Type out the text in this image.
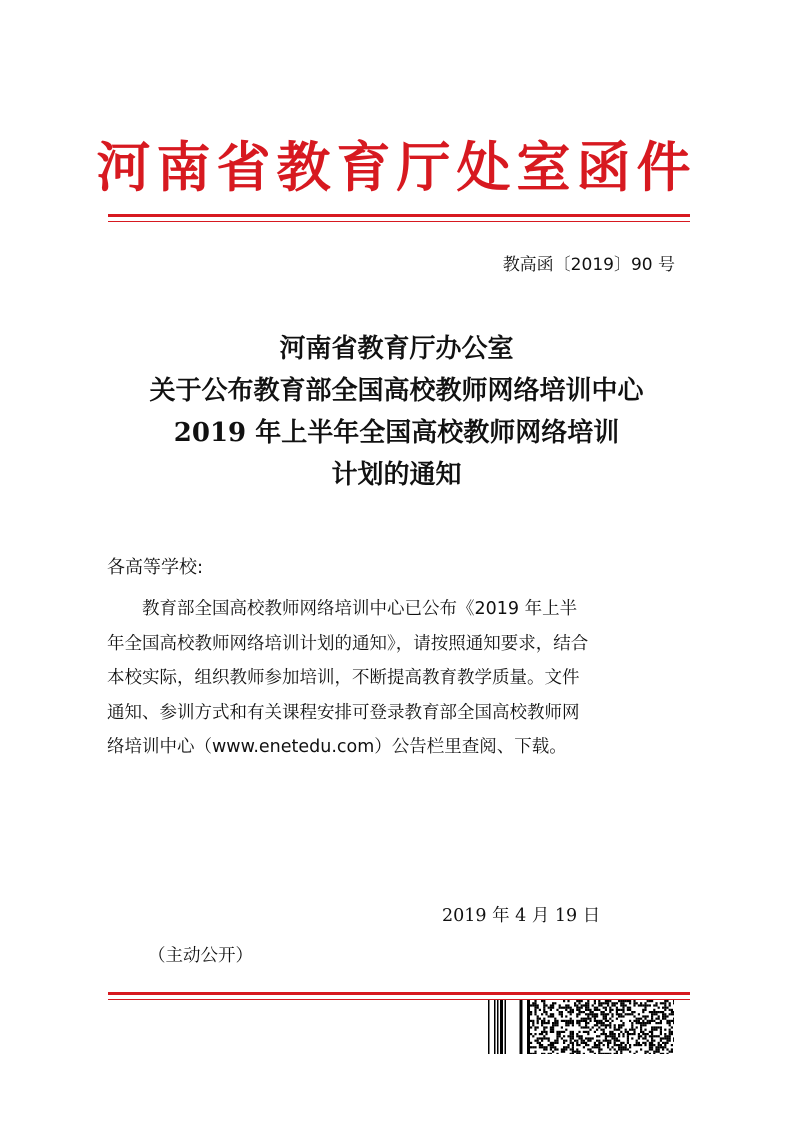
河南省教育厅处室函件
教高函〔2019〕90 号
河南省教育厅办公室
关于公布教育部全国高校教师网络培训中心
2019 年上半年全国高校教师网络培训
计划的通知
各高等学校:
　　教育部全国高校教师网络培训中心已公布《2019 年上半
年全国高校教师网络培训计划的通知》，请按照通知要求，结合
本校实际，组织教师参加培训，不断提高教育教学质量。文件
通知、参训方式和有关课程安排可登录教育部全国高校教师网
络培训中心（www.enetedu.com）公告栏里查阅、下载。
2019 年 4 月 19 日
（主动公开）
